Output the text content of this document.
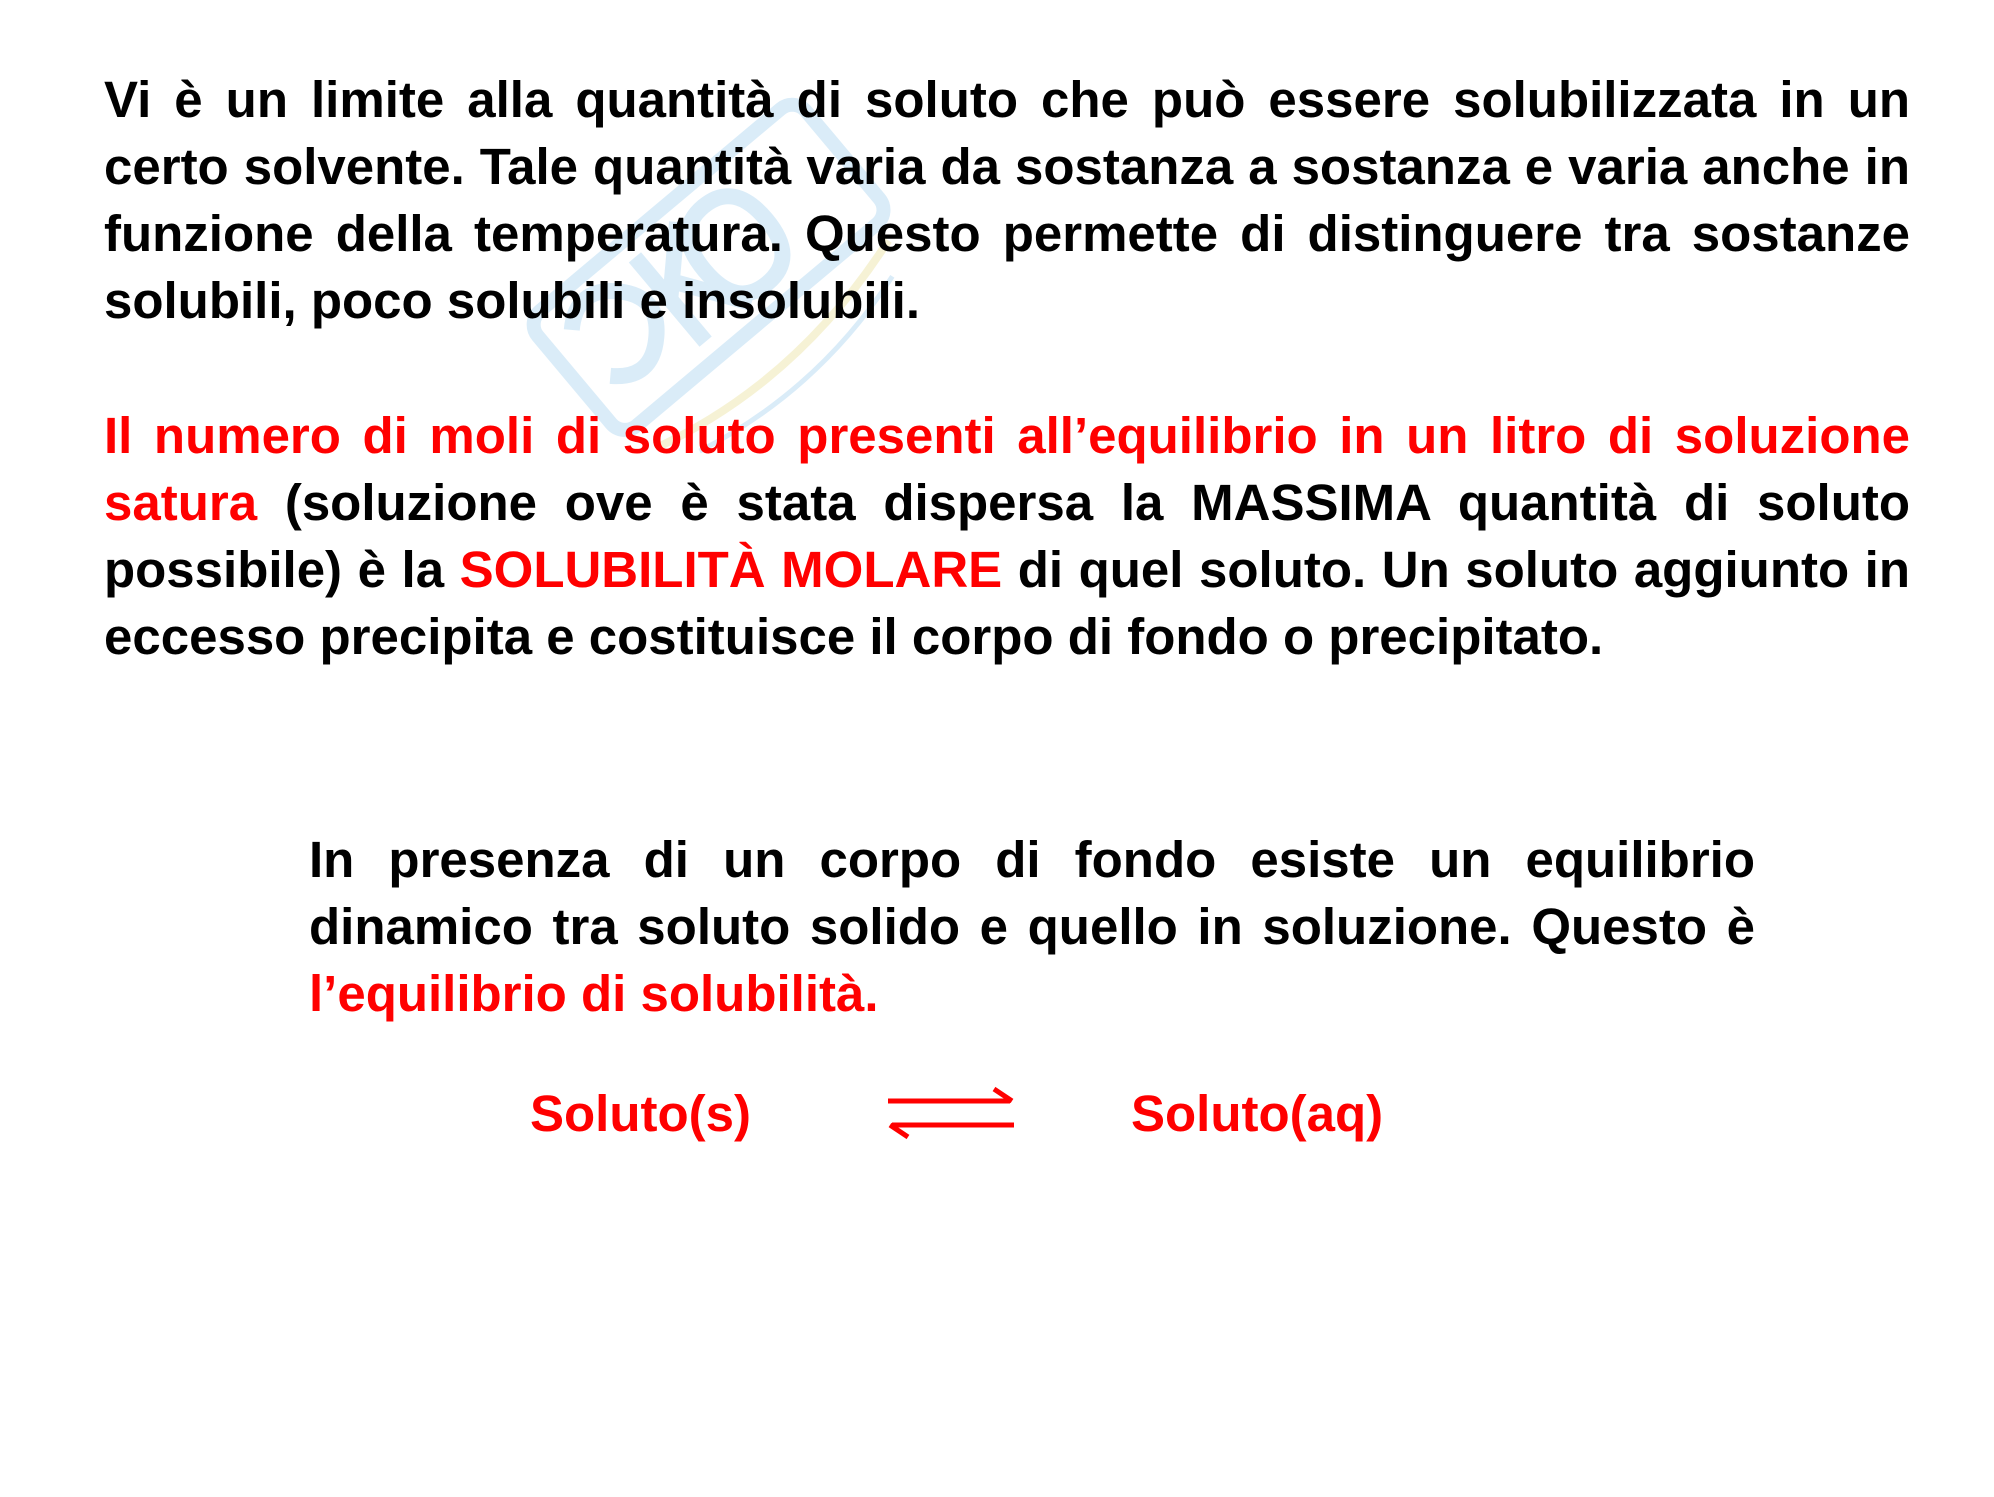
Vi è un limite alla quantità di soluto che può essere solubilizzata in un certo solvente. Tale quantità varia da sostanza a sostanza e varia anche in funzione della temperatura. Questo permette di distinguere tra sostanze solubili, poco solubili e insolubili.

Il numero di moli di soluto presenti all’equilibrio in un litro di soluzione satura (soluzione ove è stata dispersa la MASSIMA quantità di soluto possibile) è la SOLUBILITÀ MOLARE di quel soluto. Un soluto aggiunto in eccesso precipita e costituisce il corpo di fondo o precipitato.

In presenza di un corpo di fondo esiste un equilibrio dinamico tra soluto solido e quello in soluzione. Questo è l’equilibrio di solubilità.

Soluto(s)	Soluto(aq)
